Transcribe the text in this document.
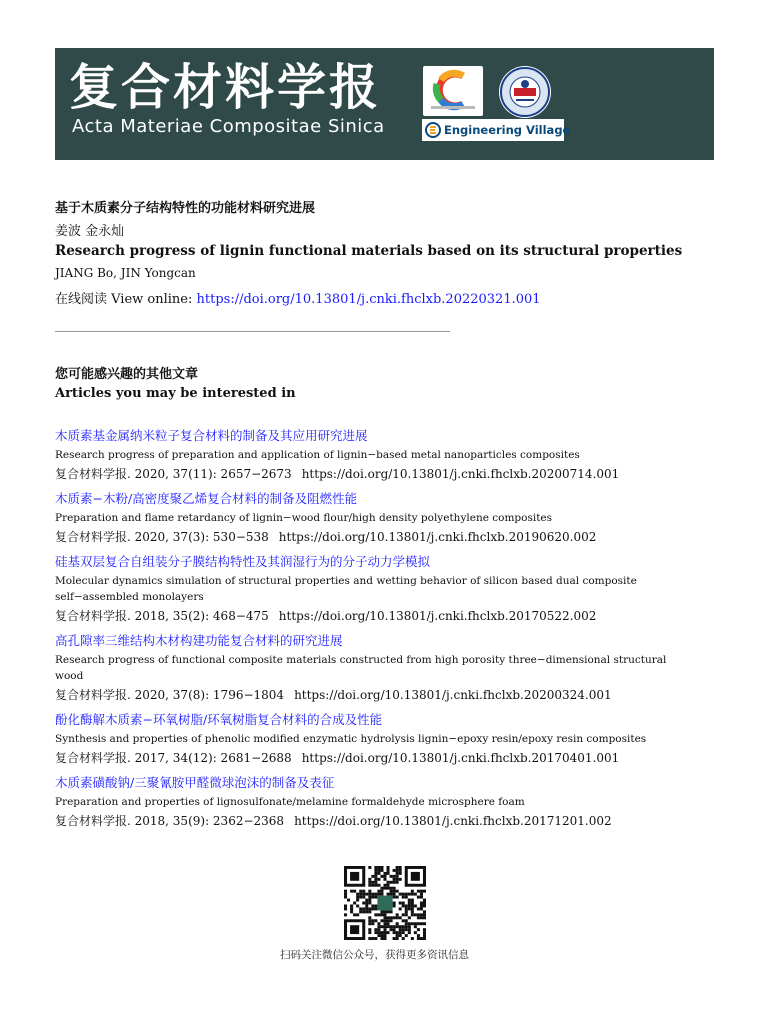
复合材料学报
Acta Materiae Compositae Sinica	Engineering Village
基于木质素分子结构特性的功能材料研究进展
姜波 金永灿
Research progress of lignin functional materials based on its structural properties
JIANG Bo, JIN Yongcan
在线阅读 View online: https://doi.org/10.13801/j.cnki.fhclxb.20220321.001
您可能感兴趣的其他文章
Articles you may be interested in
木质素基金属纳米粒子复合材料的制备及其应用研究进展
Research progress of preparation and application of lignin−based metal nanoparticles composites
复合材料学报. 2020, 37(11): 2657−2673 https://doi.org/10.13801/j.cnki.fhclxb.20200714.001
木质素−木粉/高密度聚乙烯复合材料的制备及阻燃性能
Preparation and flame retardancy of lignin−wood flour/high density polyethylene composites
复合材料学报. 2020, 37(3): 530−538 https://doi.org/10.13801/j.cnki.fhclxb.20190620.002
硅基双层复合自组装分子膜结构特性及其润湿行为的分子动力学模拟
Molecular dynamics simulation of structural properties and wetting behavior of silicon based dual composite self−assembled monolayers
复合材料学报. 2018, 35(2): 468−475 https://doi.org/10.13801/j.cnki.fhclxb.20170522.002
高孔隙率三维结构木材构建功能复合材料的研究进展
Research progress of functional composite materials constructed from high porosity three−dimensional structural wood
复合材料学报. 2020, 37(8): 1796−1804 https://doi.org/10.13801/j.cnki.fhclxb.20200324.001
酚化酶解木质素−环氧树脂/环氧树脂复合材料的合成及性能
Synthesis and properties of phenolic modified enzymatic hydrolysis lignin−epoxy resin/epoxy resin composites
复合材料学报. 2017, 34(12): 2681−2688 https://doi.org/10.13801/j.cnki.fhclxb.20170401.001
木质素磺酸钠/三聚氰胺甲醛微球泡沫的制备及表征
Preparation and properties of lignosulfonate/melamine formaldehyde microsphere foam
复合材料学报. 2018, 35(9): 2362−2368 https://doi.org/10.13801/j.cnki.fhclxb.20171201.002
扫码关注微信公众号，获得更多资讯信息
